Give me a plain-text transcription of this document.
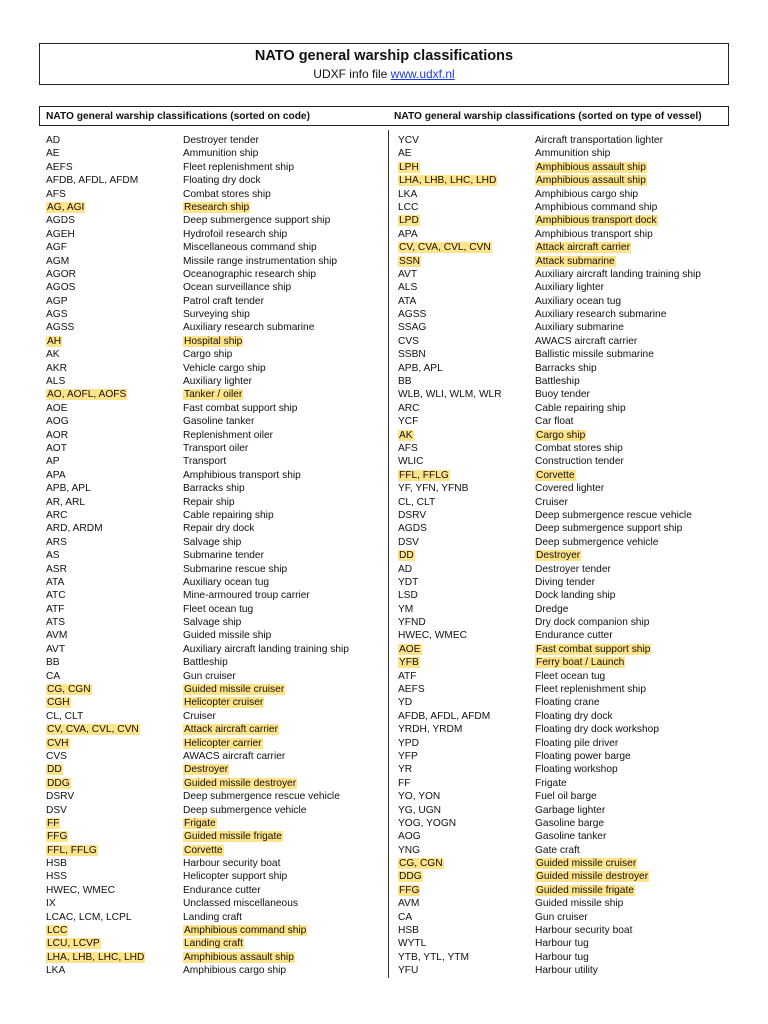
NATO general warship classifications
UDXF info file www.udxf.nl
NATO general warship classifications (sorted on code)	NATO general warship classifications (sorted on type of vessel)
AD	Destroyer tender
AE	Ammunition ship
AEFS	Fleet replenishment ship
AFDB, AFDL, AFDM	Floating dry dock
AFS	Combat stores ship
AG, AGI	Research ship
AGDS	Deep submergence support ship
AGEH	Hydrofoil research ship
AGF	Miscellaneous command ship
AGM	Missile range instrumentation ship
AGOR	Oceanographic research ship
AGOS	Ocean surveillance ship
AGP	Patrol craft tender
AGS	Surveying ship
AGSS	Auxiliary research submarine
AH	Hospital ship
AK	Cargo ship
AKR	Vehicle cargo ship
ALS	Auxiliary lighter
AO, AOFL, AOFS	Tanker / oiler
AOE	Fast combat support ship
AOG	Gasoline tanker
AOR	Replenishment oiler
AOT	Transport oiler
AP	Transport
APA	Amphibious transport ship
APB, APL	Barracks ship
AR, ARL	Repair ship
ARC	Cable repairing ship
ARD, ARDM	Repair dry dock
ARS	Salvage ship
AS	Submarine tender
ASR	Submarine rescue ship
ATA	Auxiliary ocean tug
ATC	Mine-armoured troup carrier
ATF	Fleet ocean tug
ATS	Salvage ship
AVM	Guided missile ship
AVT	Auxiliary aircraft landing training ship
BB	Battleship
CA	Gun cruiser
CG, CGN	Guided missile cruiser
CGH	Helicopter cruiser
CL, CLT	Cruiser
CV, CVA, CVL, CVN	Attack aircraft carrier
CVH	Helicopter carrier
CVS	AWACS aircraft carrier
DD	Destroyer
DDG	Guided missile destroyer
DSRV	Deep submergence rescue vehicle
DSV	Deep submergence vehicle
FF	Frigate
FFG	Guided missile frigate
FFL, FFLG	Corvette
HSB	Harbour security boat
HSS	Helicopter support ship
HWEC, WMEC	Endurance cutter
IX	Unclassed miscellaneous
LCAC, LCM, LCPL	Landing craft
LCC	Amphibious command ship
LCU, LCVP	Landing craft
LHA, LHB, LHC, LHD	Amphibious assault ship
LKA	Amphibious cargo ship
YCV	Aircraft transportation lighter
AE	Ammunition ship
LPH	Amphibious assault ship
LHA, LHB, LHC, LHD	Amphibious assault ship
LKA	Amphibious cargo ship
LCC	Amphibious command ship
LPD	Amphibious transport dock
APA	Amphibious transport ship
CV, CVA, CVL, CVN	Attack aircraft carrier
SSN	Attack submarine
AVT	Auxiliary aircraft landing training ship
ALS	Auxiliary lighter
ATA	Auxiliary ocean tug
AGSS	Auxiliary research submarine
SSAG	Auxiliary submarine
CVS	AWACS aircraft carrier
SSBN	Ballistic missile submarine
APB, APL	Barracks ship
BB	Battleship
WLB, WLI, WLM, WLR	Buoy tender
ARC	Cable repairing ship
YCF	Car float
AK	Cargo ship
AFS	Combat stores ship
WLIC	Construction tender
FFL, FFLG	Corvette
YF, YFN, YFNB	Covered lighter
CL, CLT	Cruiser
DSRV	Deep submergence rescue vehicle
AGDS	Deep submergence support ship
DSV	Deep submergence vehicle
DD	Destroyer
AD	Destroyer tender
YDT	Diving tender
LSD	Dock landing ship
YM	Dredge
YFND	Dry dock companion ship
HWEC, WMEC	Endurance cutter
AOE	Fast combat support ship
YFB	Ferry boat / Launch
ATF	Fleet ocean tug
AEFS	Fleet replenishment ship
YD	Floating crane
AFDB, AFDL, AFDM	Floating dry dock
YRDH, YRDM	Floating dry dock workshop
YPD	Floating pile driver
YFP	Floating power barge
YR	Floating workshop
FF	Frigate
YO, YON	Fuel oil barge
YG, UGN	Garbage lighter
YOG, YOGN	Gasoline barge
AOG	Gasoline tanker
YNG	Gate craft
CG, CGN	Guided missile cruiser
DDG	Guided missile destroyer
FFG	Guided missile frigate
AVM	Guided missile ship
CA	Gun cruiser
HSB	Harbour security boat
WYTL	Harbour tug
YTB, YTL, YTM	Harbour tug
YFU	Harbour utility
